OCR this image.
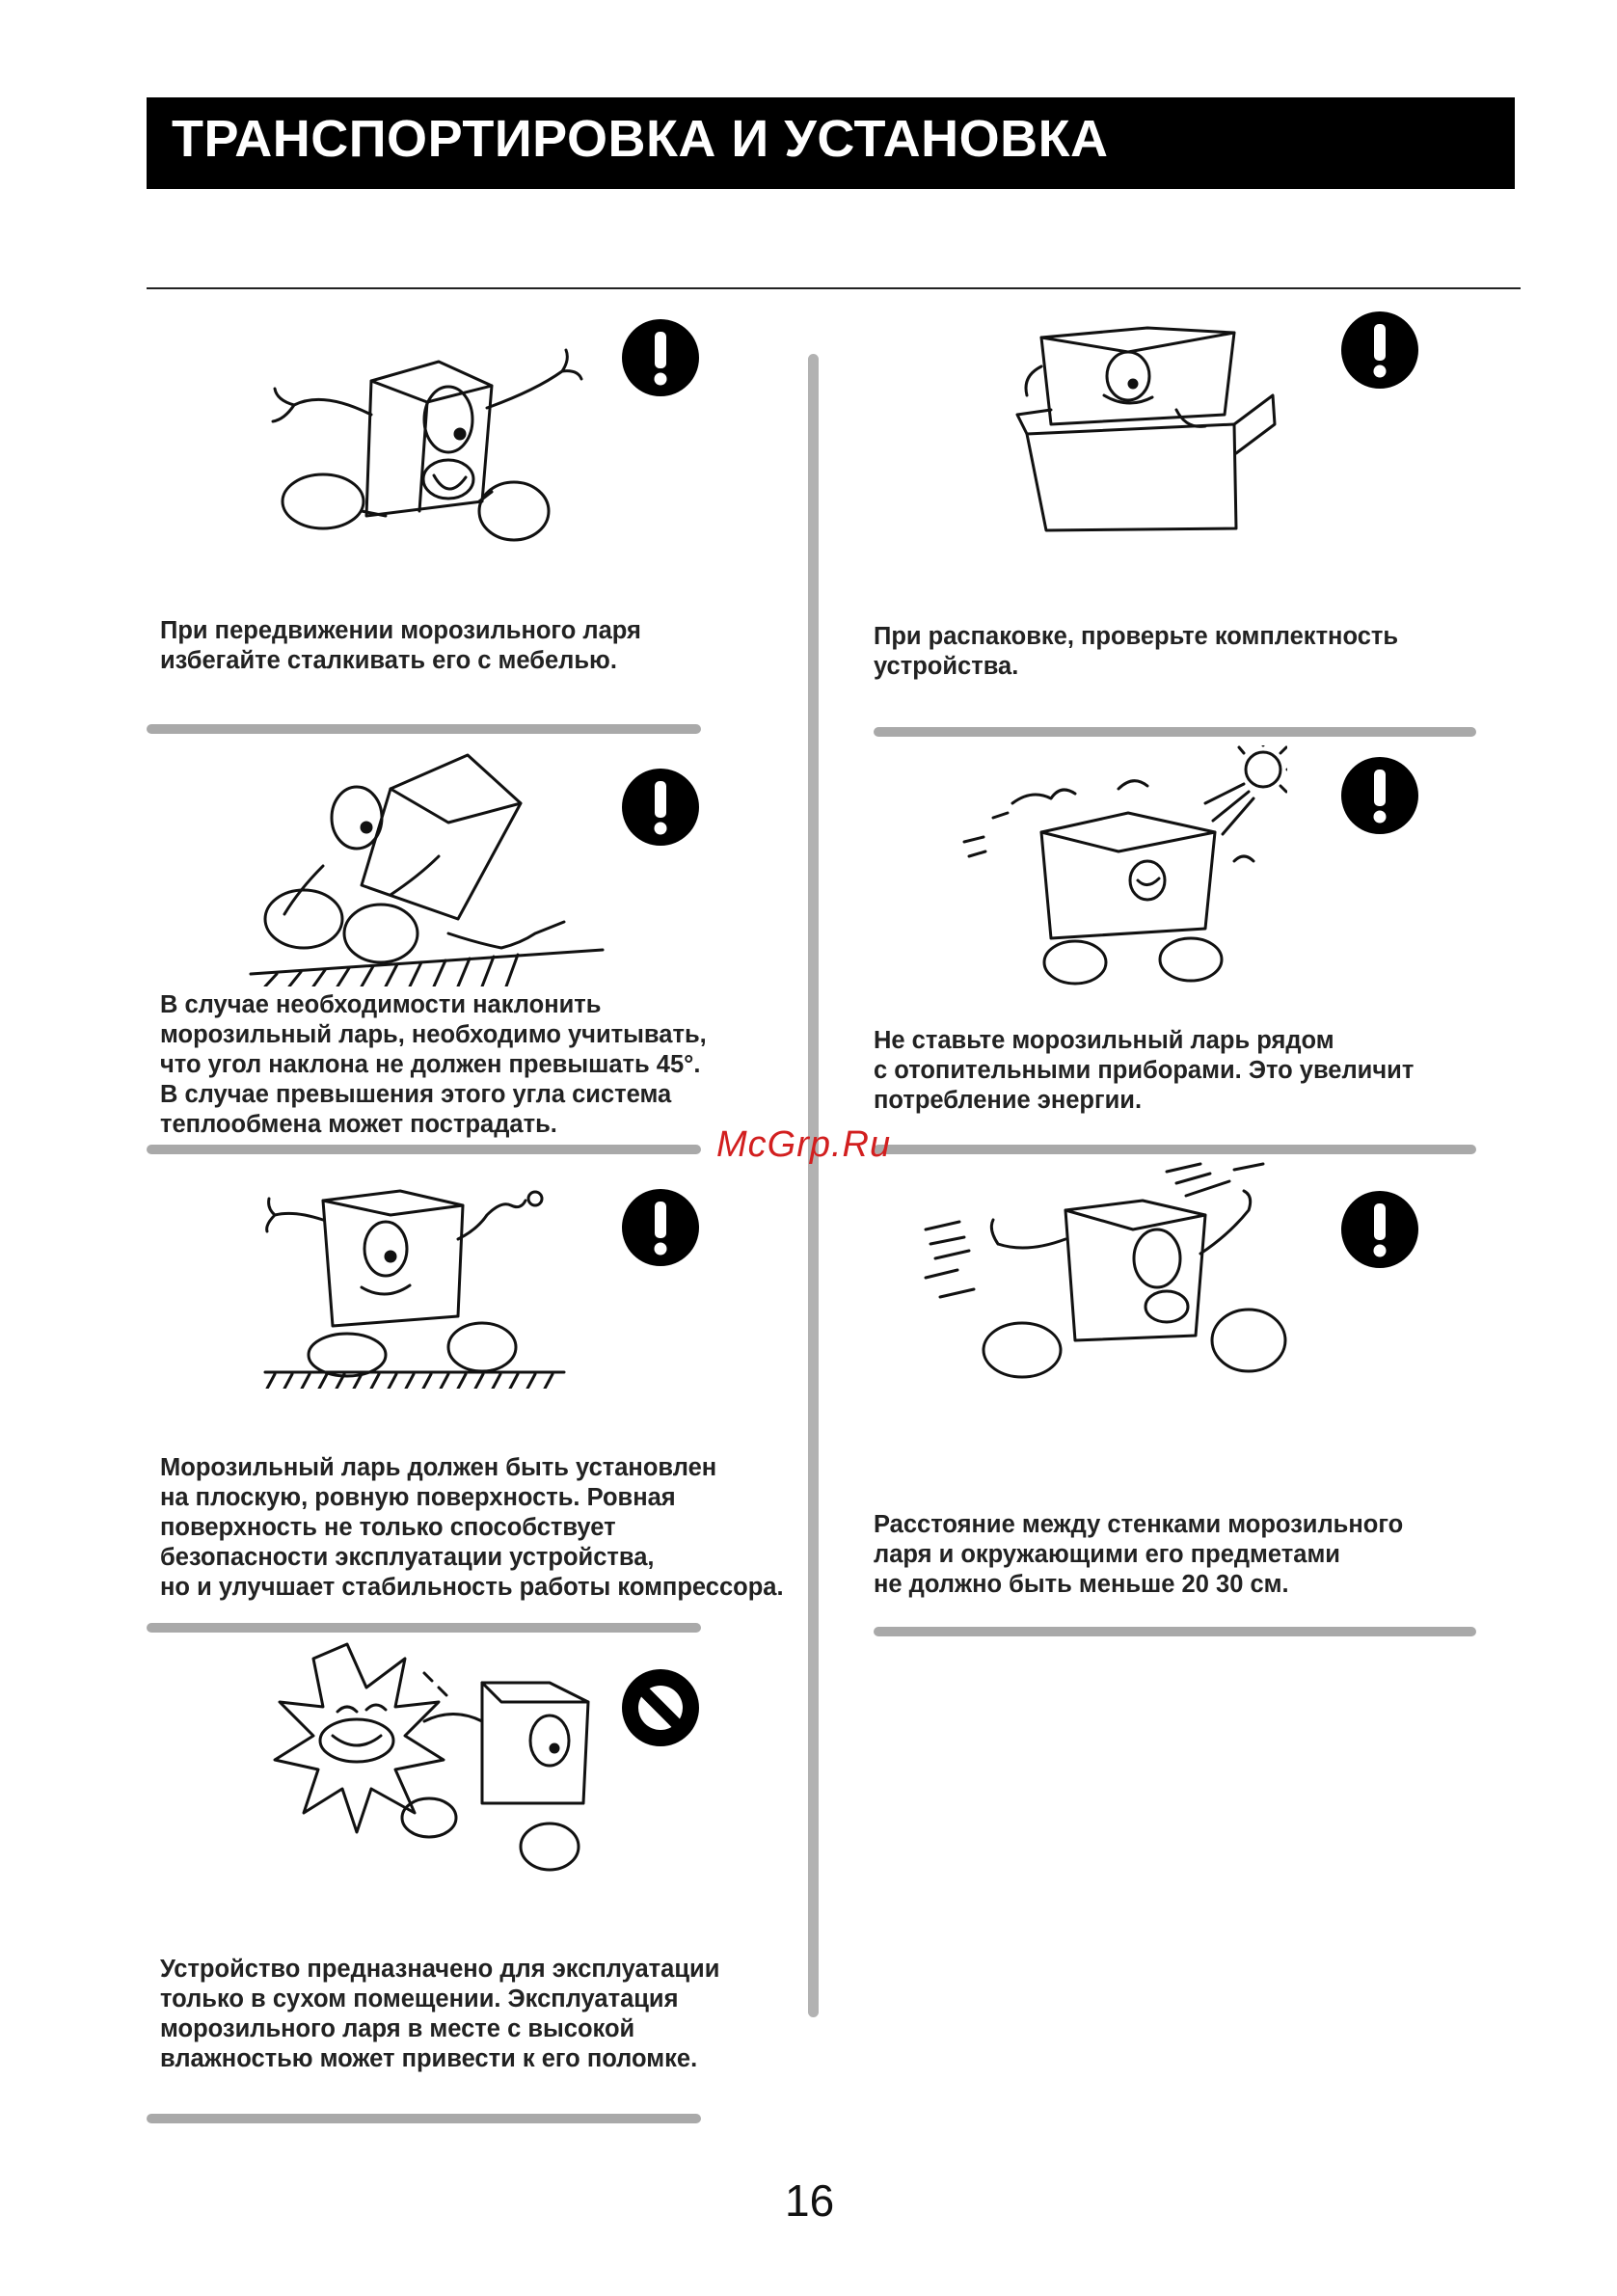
ТРАНСПОРТИРОВКА И УСТАНОВКА
При передвижении морозильного ларя
избегайте сталкивать его с мебелью.
В случае необходимости наклонить
морозильный ларь, необходимо учитывать,
что угол наклона не должен превышать 45°.
В случае превышения этого угла система
теплообмена может пострадать.
Морозильный ларь должен быть установлен
на плоскую, ровную поверхность. Ровная
поверхность не только способствует
безопасности эксплуатации устройства,
но и улучшает стабильность работы компрессора.
Устройство предназначено для эксплуатации
только в сухом помещении. Эксплуатация
морозильного ларя в месте с высокой
влажностью может привести к его поломке.
При распаковке, проверьте комплектность
устройства.
Не ставьте морозильный ларь рядом
с отопительными приборами. Это увеличит
потребление энергии.
Расстояние между стенками морозильного
ларя и окружающими его предметами
не должно быть меньше 20 30 см.
McGrp.Ru
16
